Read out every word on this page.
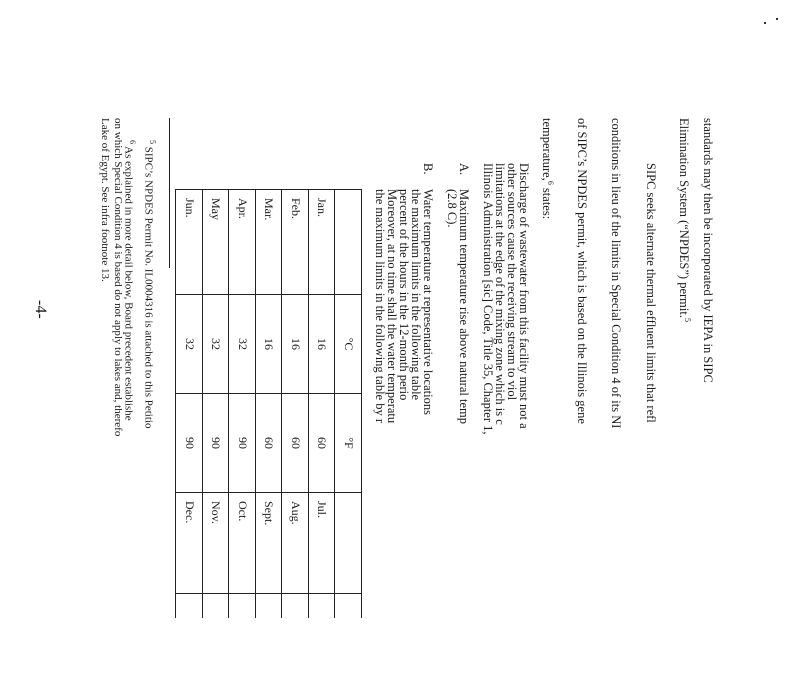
standards may then be incorporated by IEPA in SIPC
Elimination System (“NPDES”) permit.$^5$
SIPC seeks alternate thermal effluent limits that refl
conditions in lieu of the limits in Special Condition 4 of its NI
of SIPC’s NPDES permit, which is based on the Illinois gene
temperature,$^6$ states:
Discharge of wastewater from this facility must not a
other sources cause the receiving stream to viol
limitations at the edge of the mixing zone which is c
Illinois Administration [sic] Code, Title 35, Chapter 1,
A.
Maximum temperature rise above natural temp
(2.8 C).
B.
Water temperature at representative locations
the maximum limits in the following table
percent of the hours in the 12-month perio
Moreover, at no time shall the water temperatu
the maximum limits in the following table by r
	°C	°F			
Jan.	16	60	Jul.		
Feb.	16	60	Aug.		
Mar.	16	60	Sept.		
Apr.	32	90	Oct.		
May	32	90	Nov.		
Jun.	32	90	Dec.		
$^5$ SIPC’s NPDES Permit No. IL0004316 is attached to this Petitio
$^6$ As explained in more detail below, Board precedent establishe
on which Special Condition 4 is based do not apply to lakes and, therefo
Lake of Egypt. See infra footnote 13.
-4-
